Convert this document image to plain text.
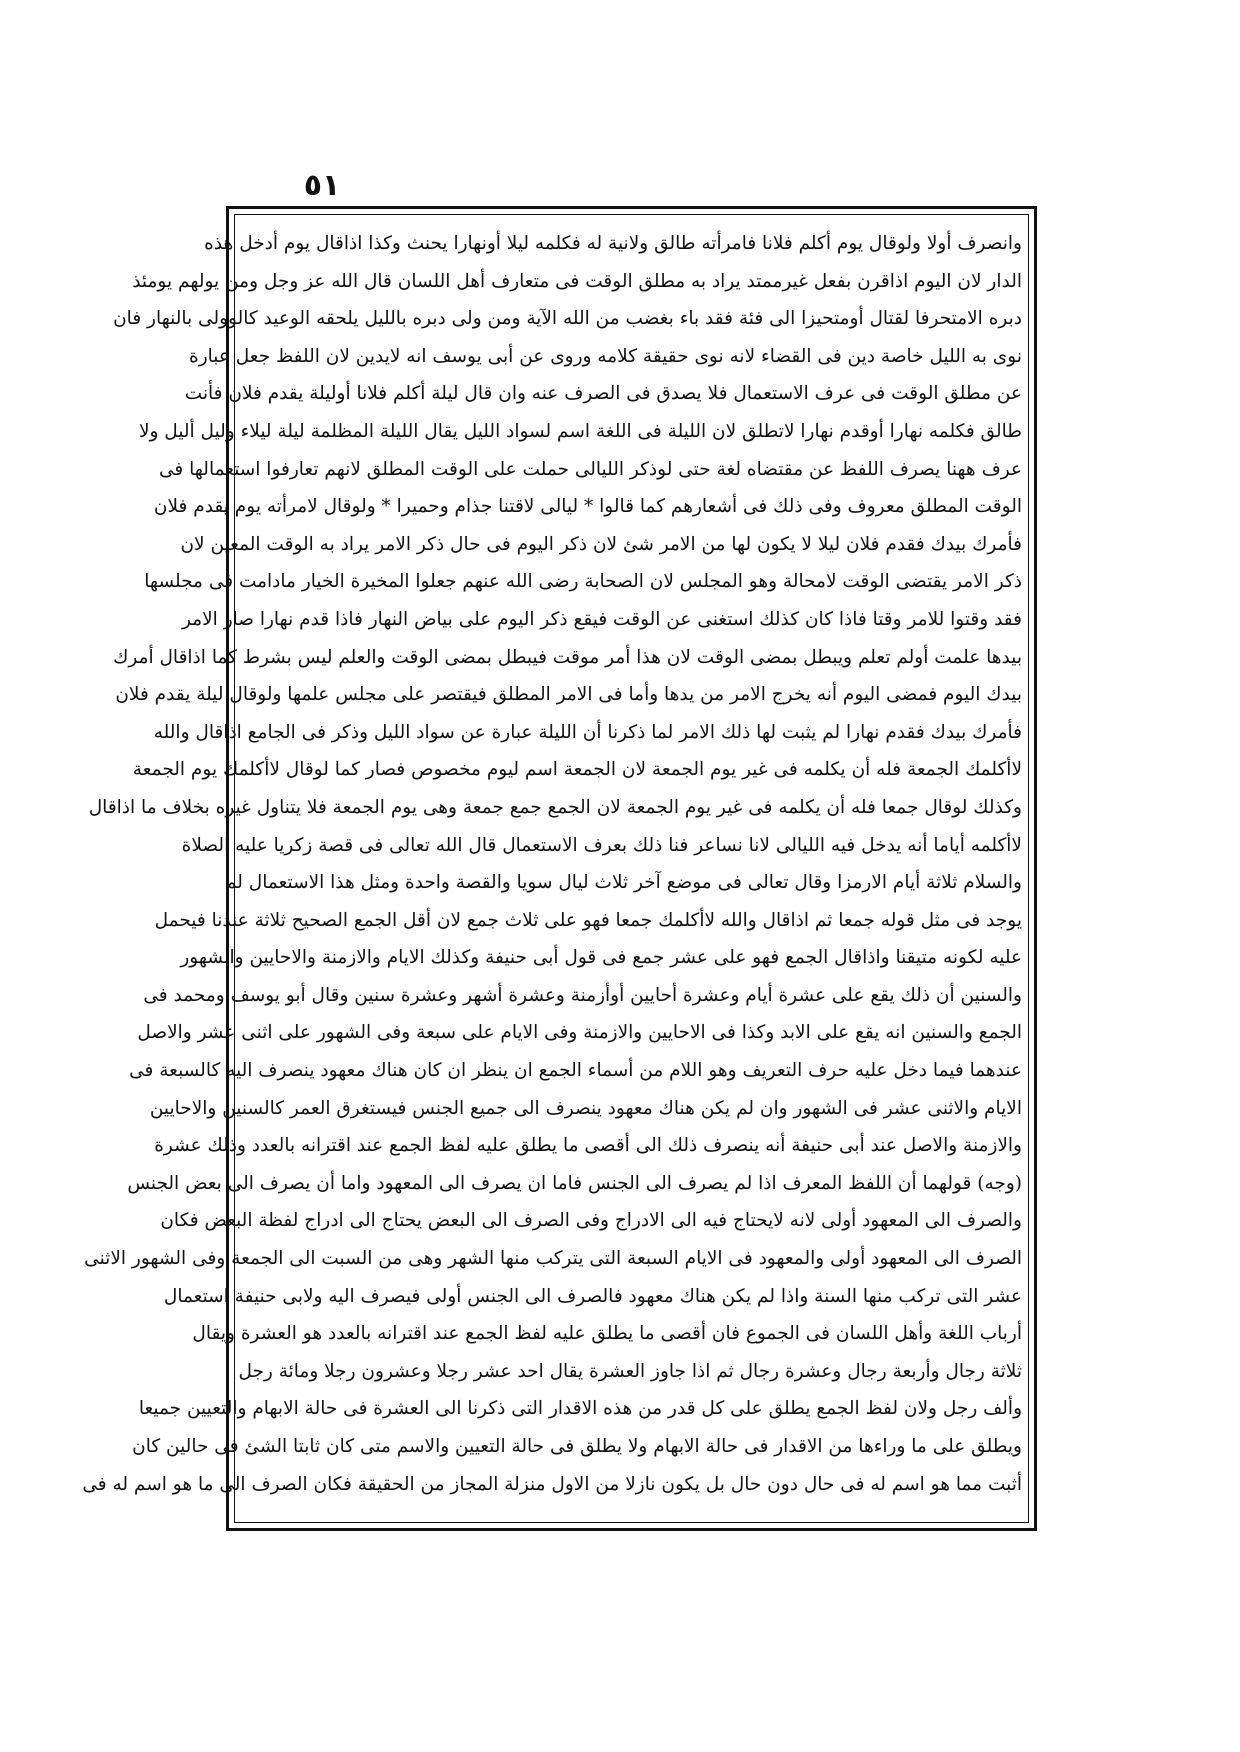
٥١
وانصرف أولا ولوقال يوم أكلم فلانا فامرأته طالق ولانية له فكلمه ليلا أونهارا يحنث وكذا اذاقال يوم أدخل هذه
الدار لان اليوم اذاقرن بفعل غيرممتد يراد به مطلق الوقت فى متعارف أهل اللسان قال الله عز وجل ومن يولهم يومئذ
دبره الامتحرفا لقتال أومتحيزا الى فئة فقد باء بغضب من الله الآية ومن ولى دبره بالليل يلحقه الوعيد كالوولى بالنهار فان
نوى به الليل خاصة دين فى القضاء لانه نوى حقيقة كلامه وروى عن أبى يوسف انه لايدين لان اللفظ جعل عبارة
عن مطلق الوقت فى عرف الاستعمال فلا يصدق فى الصرف عنه وان قال ليلة أكلم فلانا أوليلة يقدم فلان فأنت
طالق فكلمه نهارا أوقدم نهارا لاتطلق لان الليلة فى اللغة اسم لسواد الليل يقال الليلة المظلمة ليلة ليلاء وليل أليل ولا
عرف ههنا يصرف اللفظ عن مقتضاه لغة حتى لوذكر الليالى حملت على الوقت المطلق لانهم تعارفوا استعمالها فى
الوقت المطلق معروف وفى ذلك فى أشعارهم كما قالوا * ليالى لاقتنا جذام وحميرا * ولوقال لامرأته يوم يقدم فلان
فأمرك بيدك فقدم فلان ليلا لا يكون لها من الامر شئ لان ذكر اليوم فى حال ذكر الامر يراد به الوقت المعين لان
ذكر الامر يقتضى الوقت لامحالة وهو المجلس لان الصحابة رضى الله عنهم جعلوا المخيرة الخيار مادامت فى مجلسها
فقد وقتوا للامر وقتا فاذا كان كذلك استغنى عن الوقت فيقع ذكر اليوم على بياض النهار فاذا قدم نهارا صار الامر
بيدها علمت أولم تعلم ويبطل بمضى الوقت لان هذا أمر موقت فيبطل بمضى الوقت والعلم ليس بشرط كما اذاقال أمرك
بيدك اليوم فمضى اليوم أنه يخرج الامر من يدها وأما فى الامر المطلق فيقتصر على مجلس علمها ولوقال ليلة يقدم فلان
فأمرك بيدك فقدم نهارا لم يثبت لها ذلك الامر لما ذكرنا أن الليلة عبارة عن سواد الليل وذكر فى الجامع اذاقال والله
لاأكلمك الجمعة فله أن يكلمه فى غير يوم الجمعة لان الجمعة اسم ليوم مخصوص فصار كما لوقال لاأكلمك يوم الجمعة
وكذلك لوقال جمعا فله أن يكلمه فى غير يوم الجمعة لان الجمع جمع جمعة وهى يوم الجمعة فلا يتناول غيره بخلاف ما اذاقال
لاأكلمه أياما أنه يدخل فيه الليالى لانا نساعر فنا ذلك بعرف الاستعمال قال الله تعالى فى قصة زكريا عليه الصلاة
والسلام ثلاثة أيام الارمزا وقال تعالى فى موضع آخر ثلاث ليال سويا والقصة واحدة ومثل هذا الاستعمال لم
يوجد فى مثل قوله جمعا ثم اذاقال والله لاأكلمك جمعا فهو على ثلاث جمع لان أقل الجمع الصحيح ثلاثة عندنا فيحمل
عليه لكونه متيقنا واذاقال الجمع فهو على عشر جمع فى قول أبى حنيفة وكذلك الايام والازمنة والاحايين والشهور
والسنين أن ذلك يقع على عشرة أيام وعشرة أحايين أوأزمنة وعشرة أشهر وعشرة سنين وقال أبو يوسف ومحمد فى
الجمع والسنين انه يقع على الابد وكذا فى الاحايين والازمنة وفى الايام على سبعة وفى الشهور على اثنى عشر والاصل
عندهما فيما دخل عليه حرف التعريف وهو اللام من أسماء الجمع ان ينظر ان كان هناك معهود ينصرف اليه كالسبعة فى
الايام والاثنى عشر فى الشهور وان لم يكن هناك معهود ينصرف الى جميع الجنس فيستغرق العمر كالسنين والاحايين
والازمنة والاصل عند أبى حنيفة أنه ينصرف ذلك الى أقصى ما يطلق عليه لفظ الجمع عند اقترانه بالعدد وذلك عشرة
(وجه) قولهما أن اللفظ المعرف اذا لم يصرف الى الجنس فاما ان يصرف الى المعهود واما أن يصرف الى بعض الجنس
والصرف الى المعهود أولى لانه لايحتاج فيه الى الادراج وفى الصرف الى البعض يحتاج الى ادراج لفظة البعض فكان
الصرف الى المعهود أولى والمعهود فى الايام السبعة التى يتركب منها الشهر وهى من السبت الى الجمعة وفى الشهور الاثنى
عشر التى تركب منها السنة واذا لم يكن هناك معهود فالصرف الى الجنس أولى فيصرف اليه ولابى حنيفة استعمال
أرباب اللغة وأهل اللسان فى الجموع فان أقصى ما يطلق عليه لفظ الجمع عند اقترانه بالعدد هو العشرة ويقال
ثلاثة رجال وأربعة رجال وعشرة رجال ثم اذا جاوز العشرة يقال احد عشر رجلا وعشرون رجلا ومائة رجل
وألف رجل ولان لفظ الجمع يطلق على كل قدر من هذه الاقدار التى ذكرنا الى العشرة فى حالة الابهام والتعيين جميعا
ويطلق على ما وراءها من الاقدار فى حالة الابهام ولا يطلق فى حالة التعيين والاسم متى كان ثابتا الشئ فى حالين كان
أثبت مما هو اسم له فى حال دون حال بل يكون نازلا من الاول منزلة المجاز من الحقيقة فكان الصرف الى ما هو اسم له فى
